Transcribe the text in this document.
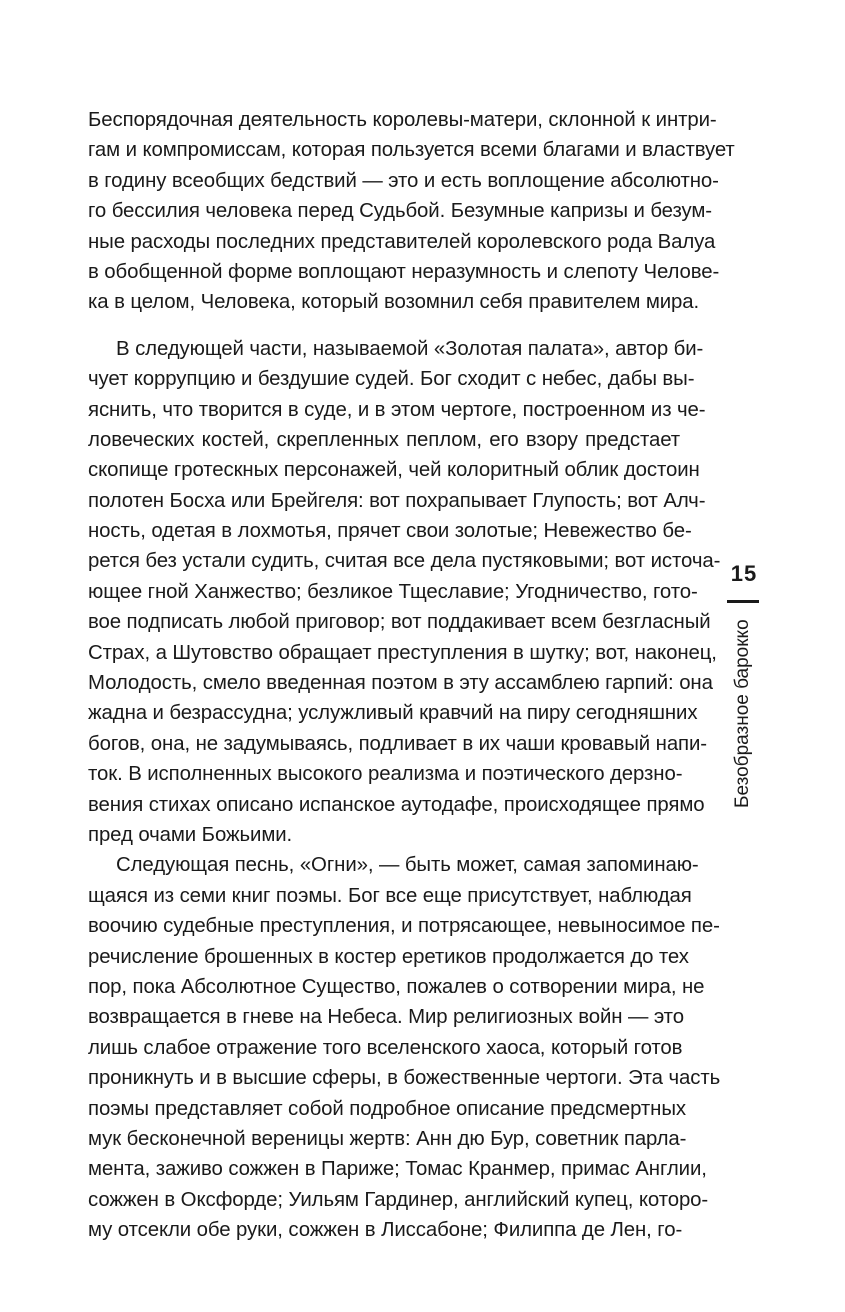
Беспорядочная деятельность королевы-матери, склонной к интри-
гам и компромиссам, которая пользуется всеми благами и властвует
в годину всеобщих бедствий — это и есть воплощение абсолютно-
го бессилия человека перед Судьбой. Безумные капризы и безум-
ные расходы последних представителей королевского рода Валуа
в обобщенной форме воплощают неразумность и слепоту Челове-
ка в целом, Человека, который возомнил себя правителем мира.
В следующей части, называемой «Золотая палата», автор би-
чует коррупцию и бездушие судей. Бог сходит с небес, дабы вы-
яснить, что творится в суде, и в этом чертоге, построенном из че-
ловеческих костей, скрепленных пеплом, его взору предстает
скопище гротескных персонажей, чей колоритный облик достоин
полотен Босха или Брейгеля: вот похрапывает Глупость; вот Алч-
ность, одетая в лохмотья, прячет свои золотые; Невежество бе-
рется без устали судить, считая все дела пустяковыми; вот источа-
ющее гной Ханжество; безликое Тщеславие; Угодничество, гото-
вое подписать любой приговор; вот поддакивает всем безгласный
Страх, а Шутовство обращает преступления в шутку; вот, наконец,
Молодость, смело введенная поэтом в эту ассамблею гарпий: она
жадна и безрассудна; услужливый кравчий на пиру сегодняшних
богов, она, не задумываясь, подливает в их чаши кровавый напи-
ток. В исполненных высокого реализма и поэтического дерзно-
вения стихах описано испанское аутодафе, происходящее прямо
пред очами Божьими.
Следующая песнь, «Огни», — быть может, самая запоминаю-
щаяся из семи книг поэмы. Бог все еще присутствует, наблюдая
воочию судебные преступления, и потрясающее, невыносимое пе-
речисление брошенных в костер еретиков продолжается до тех
пор, пока Абсолютное Существо, пожалев о сотворении мира, не
возвращается в гневе на Небеса. Мир религиозных войн — это
лишь слабое отражение того вселенского хаоса, который готов
проникнуть и в высшие сферы, в божественные чертоги. Эта часть
поэмы представляет собой подробное описание предсмертных
мук бесконечной вереницы жертв: Анн дю Бур, советник парла-
мента, заживо сожжен в Париже; Томас Кранмер, примас Англии,
сожжен в Оксфорде; Уильям Гардинер, английский купец, которо-
му отсекли обе руки, сожжен в Лиссабоне; Филиппа де Лен, го-
15
Безобразное барокко
